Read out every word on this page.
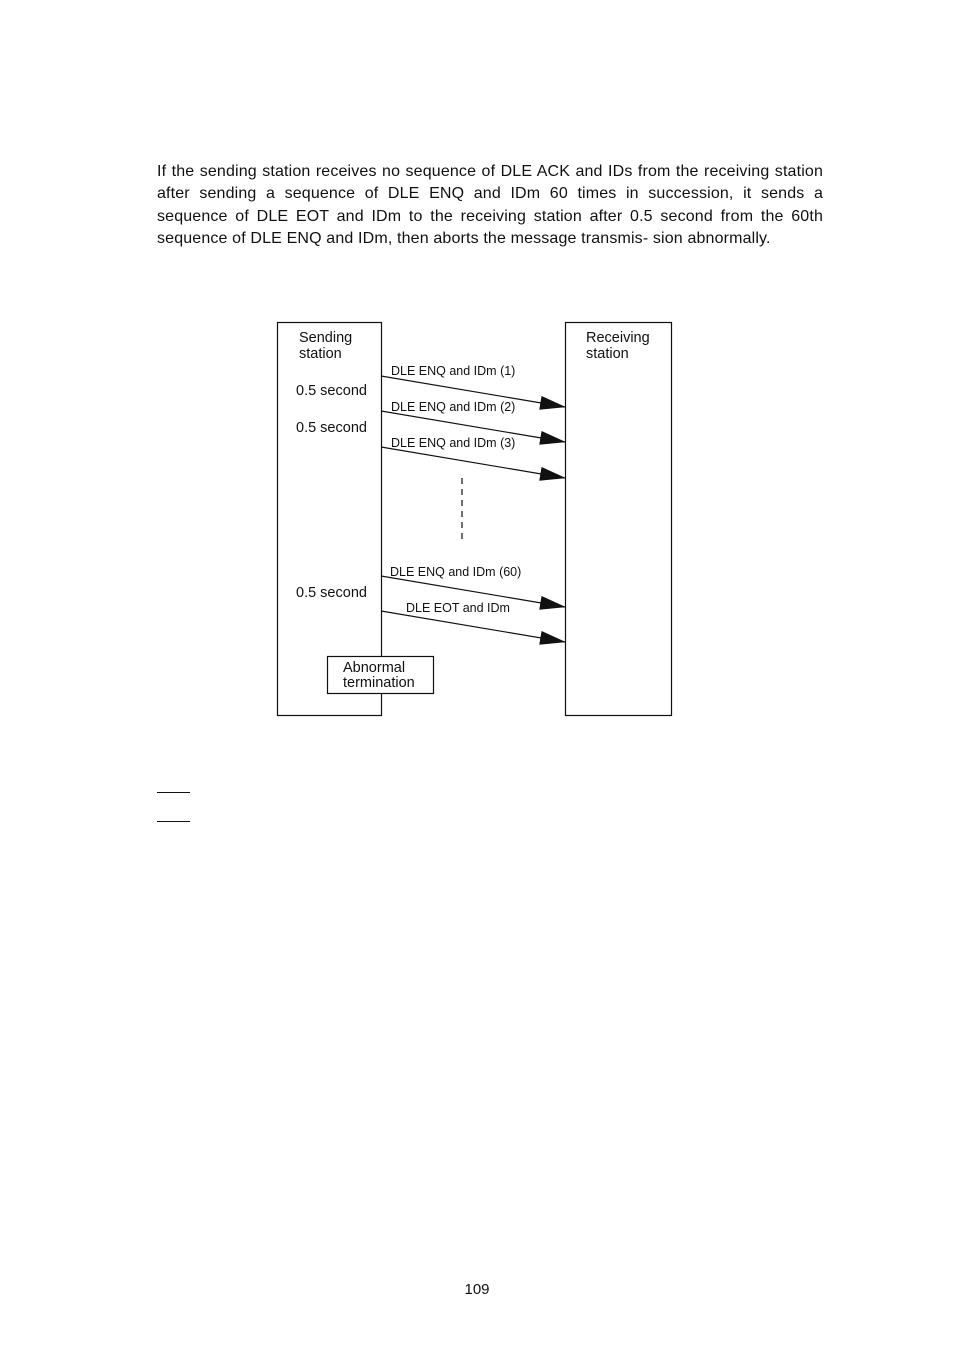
If the sending station receives no sequence of DLE ACK and IDs from the receiving station after sending a sequence of DLE ENQ and IDm 60 times in succession, it sends a sequence of DLE EOT and IDm to the receiving station after 0.5 second from the 60th sequence of DLE ENQ and IDm, then aborts the message transmis- sion abnormally.

Sending
station
Receiving
station
0.5 second
0.5 second
0.5 second
DLE ENQ and IDm (1)
DLE ENQ and IDm (2)
DLE ENQ and IDm (3)
DLE ENQ and IDm (60)
DLE EOT and IDm
Abnormal
termination
109
